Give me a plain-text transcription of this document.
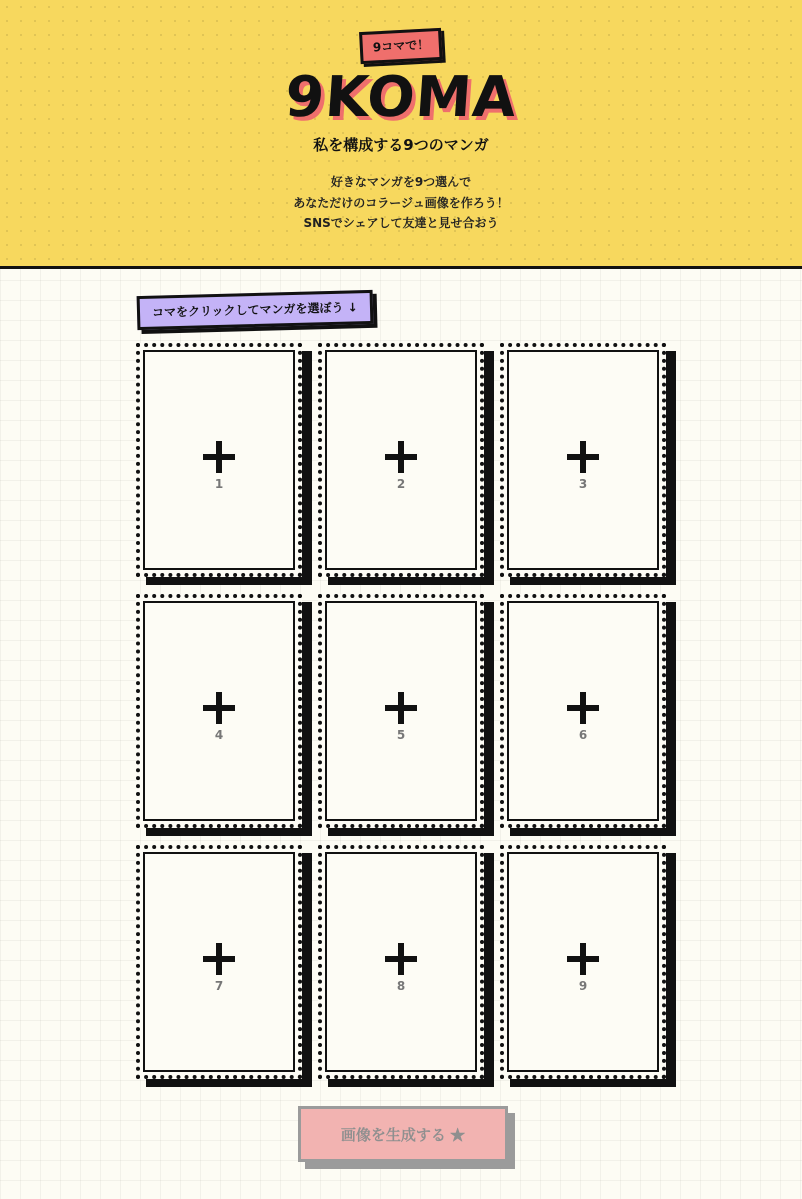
9コマで！
9KOMA
私を構成する9つのマンガ
好きなマンガを9つ選んで
あなただけのコラージュ画像を作ろう！
SNSでシェアして友達と見せ合おう
コマをクリックしてマンガを選ぼう ↓
1	2	3
4	5	6
7	8	9
画像を生成する ★
